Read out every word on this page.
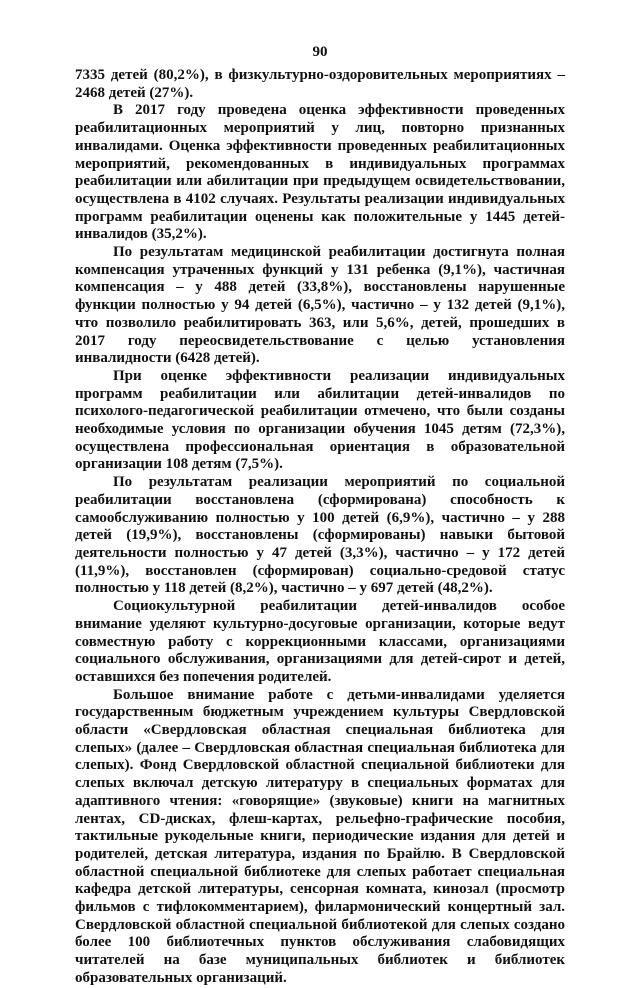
90

7335 детей (80,2%), в физкультурно-оздоровительных мероприятиях – 2468 детей (27%).

В 2017 году проведена оценка эффективности проведенных реабилитационных мероприятий у лиц, повторно признанных инвалидами. Оценка эффективности проведенных реабилитационных мероприятий, рекомендованных в индивидуальных программах реабилитации или абилитации при предыдущем освидетельствовании, осуществлена в 4102 случаях. Результаты реализации индивидуальных программ реабилитации оценены как положительные у 1445 детей-инвалидов (35,2%).

По результатам медицинской реабилитации достигнута полная компенсация утраченных функций у 131 ребенка (9,1%), частичная компенсация – у 488 детей (33,8%), восстановлены нарушенные функции полностью у 94 детей (6,5%), частично – у 132 детей (9,1%), что позволило реабилитировать 363, или 5,6%, детей, прошедших в 2017 году переосвидетельствование с целью установления инвалидности (6428 детей).

При оценке эффективности реализации индивидуальных программ реабилитации или абилитации детей-инвалидов по психолого-педагогической реабилитации отмечено, что были созданы необходимые условия по организации обучения 1045 детям (72,3%), осуществлена профессиональная ориентация в образовательной организации 108 детям (7,5%).

По результатам реализации мероприятий по социальной реабилитации восстановлена (сформирована) способность к самообслуживанию полностью у 100 детей (6,9%), частично – у 288 детей (19,9%), восстановлены (сформированы) навыки бытовой деятельности полностью у 47 детей (3,3%), частично – у 172 детей (11,9%), восстановлен (сформирован) социально-средовой статус полностью у 118 детей (8,2%), частично – у 697 детей (48,2%).

Социокультурной реабилитации детей-инвалидов особое внимание уделяют культурно-досуговые организации, которые ведут совместную работу с коррекционными классами, организациями социального обслуживания, организациями для детей-сирот и детей, оставшихся без попечения родителей.

Большое внимание работе с детьми-инвалидами уделяется государственным бюджетным учреждением культуры Свердловской области «Свердловская областная специальная библиотека для слепых» (далее – Свердловская областная специальная библиотека для слепых). Фонд Свердловской областной специальной библиотеки для слепых включал детскую литературу в специальных форматах для адаптивного чтения: «говорящие» (звуковые) книги на магнитных лентах, CD-дисках, флеш-картах, рельефно-графические пособия, тактильные рукодельные книги, периодические издания для детей и родителей, детская литература, издания по Брайлю. В Свердловской областной специальной библиотеке для слепых работает специальная кафедра детской литературы, сенсорная комната, кинозал (просмотр фильмов с тифлокомментарием), филармонический концертный зал. Свердловской областной специальной библиотекой для слепых создано более 100 библиотечных пунктов обслуживания слабовидящих читателей на базе муниципальных библиотек и библиотек образовательных организаций.
